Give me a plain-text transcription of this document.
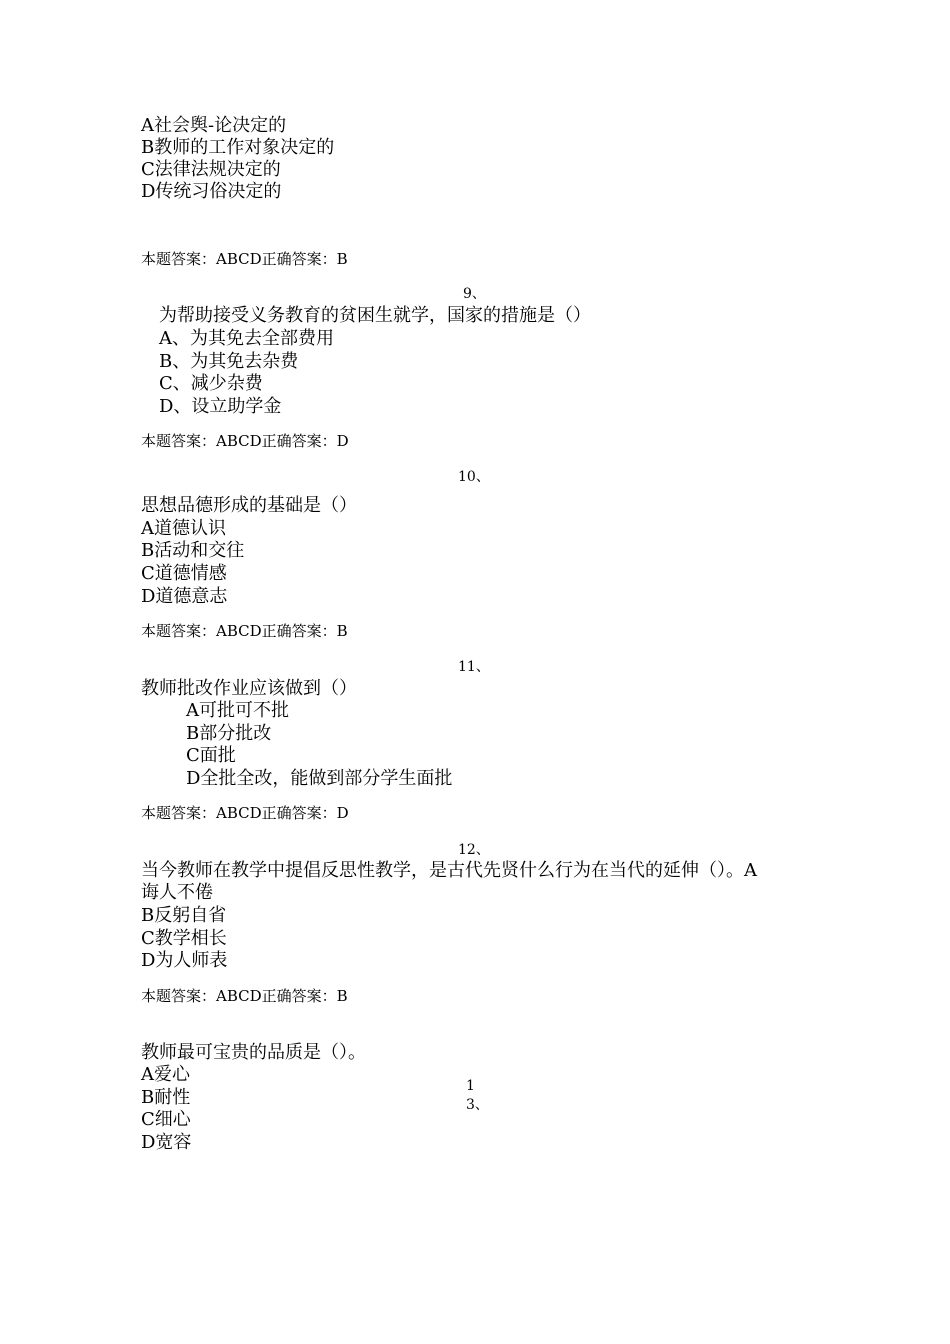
A社会舆-论决定的
B教师的工作对象决定的
C法律法规决定的
D传统习俗决定的
本题答案：ABCD正确答案：B
9、
为帮助接受义务教育的贫困生就学，国家的措施是（）
A、为其免去全部费用
B、为其免去杂费
C、减少杂费
D、设立助学金
本题答案：ABCD正确答案：D
10、
思想品德形成的基础是（）
A道德认识
B活动和交往
C道德情感
D道德意志
本题答案：ABCD正确答案：B
11、
教师批改作业应该做到（）
A可批可不批
B部分批改
C面批
D全批全改，能做到部分学生面批
本题答案：ABCD正确答案：D
12、
当今教师在教学中提倡反思性教学，是古代先贤什么行为在当代的延伸（）。A
诲人不倦
B反躬自省
C教学相长
D为人师表
本题答案：ABCD正确答案：B
教师最可宝贵的品质是（）。
A爱心
B耐性
C细心
D宽容
1
3、
